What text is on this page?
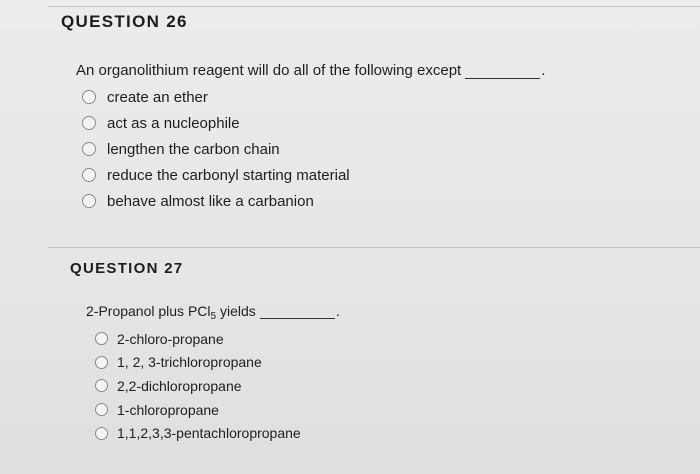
QUESTION 26
An organolithium reagent will do all of the following except	.
create an ether
act as a nucleophile
lengthen the carbon chain
reduce the carbonyl starting material
behave almost like a carbanion
QUESTION 27
2-Propanol plus PCl$_5$ yields	.
2-chloro-propane
1, 2, 3-trichloropropane
2,2-dichloropropane
1-chloropropane
1,1,2,3,3-pentachloropropane
